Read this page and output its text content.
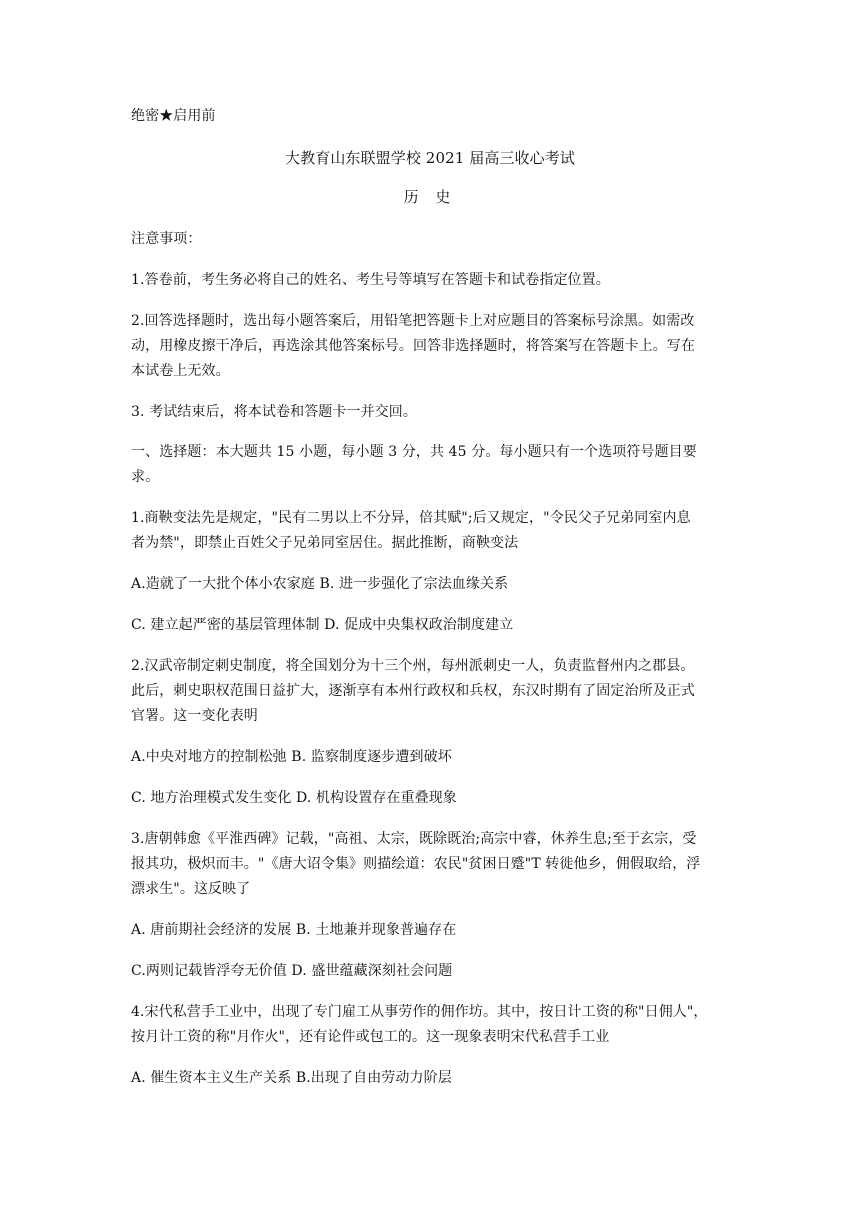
绝密★启用前
大教育山东联盟学校 2021 届高三收心考试
历 史
注意事项：
1.答卷前，考生务必将自己的姓名、考生号等填写在答题卡和试卷指定位置。
2.回答选择题时，选出每小题答案后，用铅笔把答题卡上对应题目的答案标号涂黑。如需改
动，用橡皮擦干净后，再选涂其他答案标号。回答非选择题时，将答案写在答题卡上。写在
本试卷上无效。
3. 考试结束后，将本试卷和答题卡一并交回。
一、选择题：本大题共 15 小题，每小题 3 分，共 45 分。每小题只有一个选项符号题目要
求。
1.商鞅变法先是规定，"民有二男以上不分异，倍其赋";后又规定，"令民父子兄弟同室内息
者为禁"，即禁止百姓父子兄弟同室居住。据此推断，商鞅变法
A.造就了一大批个体小农家庭 B. 进一步强化了宗法血缘关系
C. 建立起严密的基层管理体制 D. 促成中央集权政治制度建立
2.汉武帝制定刺史制度，将全国划分为十三个州，每州派刺史一人，负责监督州内之郡县。
此后，刺史职权范围日益扩大，逐渐享有本州行政权和兵权，东汉时期有了固定治所及正式
官署。这一变化表明
A.中央对地方的控制松弛 B. 监察制度逐步遭到破坏
C. 地方治理模式发生变化 D. 机构设置存在重叠现象
3.唐朝韩愈《平淮西碑》记载，"高祖、太宗，既除既治;高宗中睿，休养生息;至于玄宗，受
报其功，极炽而丰。"《唐大诏令集》则描绘道：农民"贫困日蹙"T 转徙他乡，佣假取给，浮
漂求生"。这反映了
A. 唐前期社会经济的发展 B. 土地兼并现象普遍存在
C.两则记载皆浮夸无价值 D. 盛世蕴藏深刻社会问题
4.宋代私营手工业中，出现了专门雇工从事劳作的佣作坊。其中，按日计工资的称"日佣人"，
按月计工资的称"月作火"，还有论件或包工的。这一现象表明宋代私营手工业
A. 催生资本主义生产关系 B.出现了自由劳动力阶层
